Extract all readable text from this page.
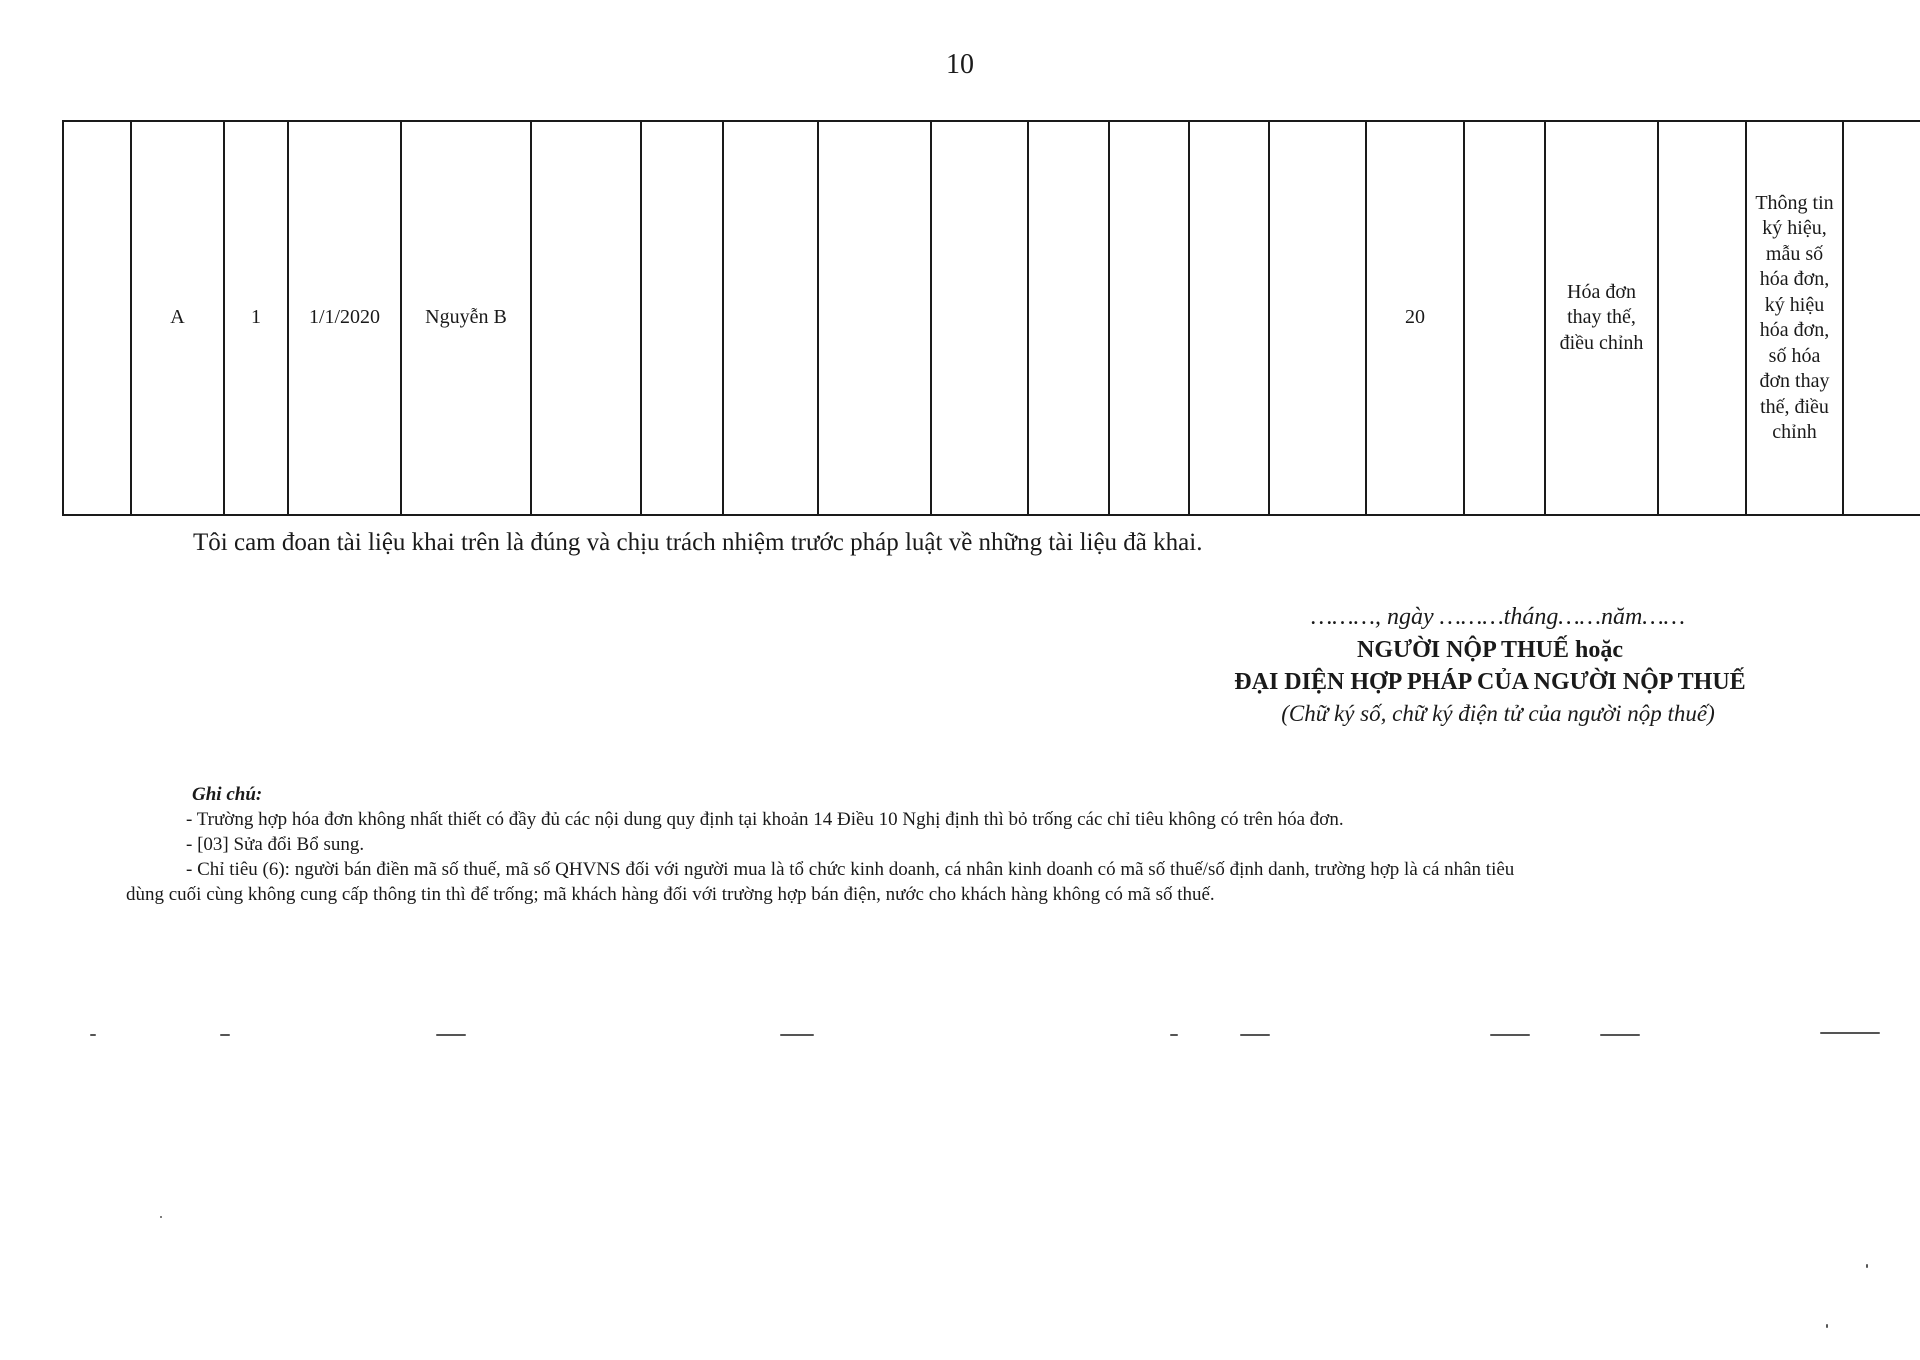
10
	A	1	1/1/2020	Nguyễn B										20		Hóa đơn thay thế, điều chỉnh		Thông tin ký hiệu, mẫu số hóa đơn, ký hiệu hóa đơn, số hóa đơn thay thế, điều chỉnh	
Tôi cam đoan tài liệu khai trên là đúng và chịu trách nhiệm trước pháp luật về những tài liệu đã khai.
………, ngày ………tháng……năm……
NGƯỜI NỘP THUẾ hoặc
ĐẠI DIỆN HỢP PHÁP CỦA NGƯỜI NỘP THUẾ
(Chữ ký số, chữ ký điện tử của người nộp thuế)
Ghi chú:
- Trường hợp hóa đơn không nhất thiết có đầy đủ các nội dung quy định tại khoản 14 Điều 10 Nghị định thì bỏ trống các chỉ tiêu không có trên hóa đơn.
- [03] Sửa đổi Bổ sung.
- Chỉ tiêu (6): người bán điền mã số thuế, mã số QHVNS đối với người mua là tổ chức kinh doanh, cá nhân kinh doanh có mã số thuế/số định danh, trường hợp là cá nhân tiêu
dùng cuối cùng không cung cấp thông tin thì để trống; mã khách hàng đối với trường hợp bán điện, nước cho khách hàng không có mã số thuế.
